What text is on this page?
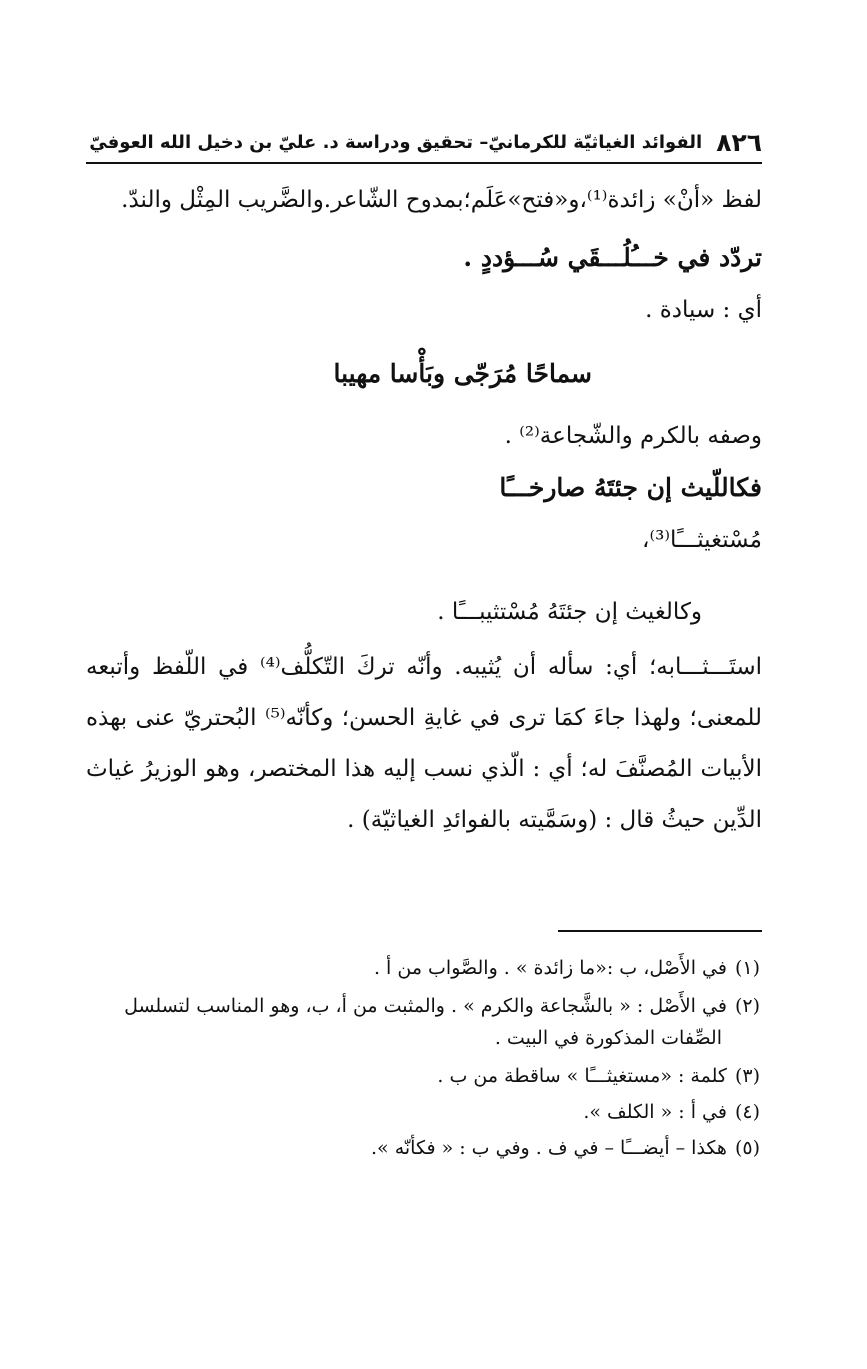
٨٢٦
الفوائد الغياثيّة للكرمانيّ– تحقيق ودراسة د. عليّ بن دخيل الله العوفيّ

لفظ «أنْ» زائدة⁽¹⁾،و«فتح»عَلَم؛بمدوح الشّاعر.والضَّريب المِثْل والندّ.

تردّد في خـــُلُـــقَي سُـــؤددٍ .

أي : سيادة .

سماحًا مُرَجّى وبَأْسا مهيبا

وصفه بالكرم والشّجاعة⁽²⁾ .

فكاللّيث إن جئتَهُ صارخـــًا

مُسْتغيثـــًا⁽³⁾،

وكالغيث إن جئتَهُ مُسْتثيبـــًا .

استَـــثـــابه؛ أي: سأله أن يُثيبه. وأنّه تركَ التّكلُّف⁽⁴⁾ في اللّفظ وأتبعه للمعنى؛ ولهذا جاءَ كمَا ترى في غايةِ الحسن؛ وكأنّه⁽⁵⁾ البُحتريّ عنى بهذه الأبيات المُصنَّفَ له؛ أي : الّذي نسب إليه هذا المختصر، وهو الوزيرُ غياث الدِّين حيثُ قال : (وسَمَّيته بالفوائدِ الغياثيّة) .

(١)في الأَصْل، ب :«ما زائدة » . والصَّواب من أ .

(٢)في الأَصْل : « بالشَّجاعة والكرم » . والمثبت من أ، ب، وهو المناسب لتسلسل

الصِّفات المذكورة في البيت .

(٣)كلمة : «مستغيثـــًا » ساقطة من ب .

(٤)في أ : « الكلف ».

(٥)هكذا – أيضـــًا – في ف . وفي ب : « فكأنّه ».
